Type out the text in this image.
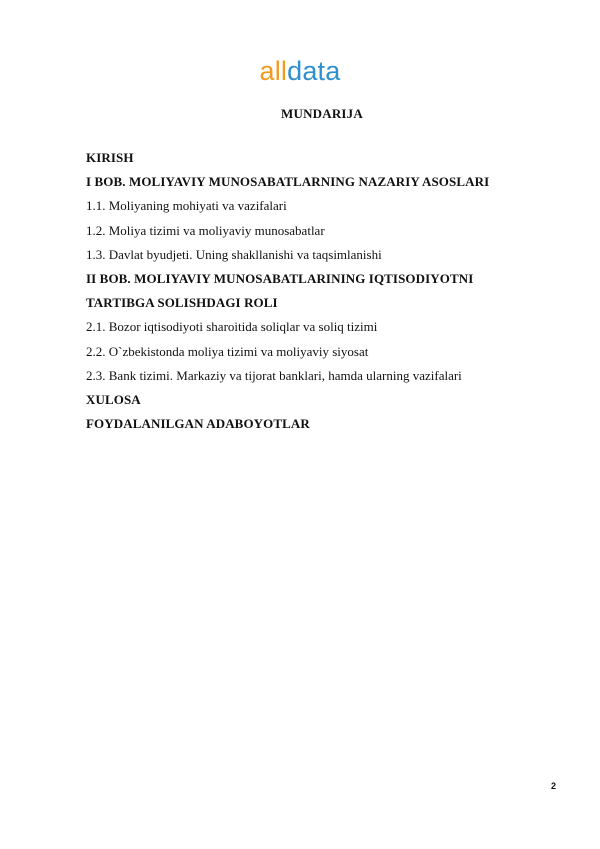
alldata
MUNDARIJA
KIRISH
I BOB. MOLIYAVIY MUNOSABATLARNING NAZARIY ASOSLARI
1.1. Moliyaning mohiyati va vazifalari
1.2. Moliya tizimi va moliyaviy munosabatlar
1.3. Davlat byudjeti. Uning shakllanishi va taqsimlanishi
II BOB. MOLIYAVIY MUNOSABATLARINING IQTISODIYOTNI
TARTIBGA SOLISHDAGI ROLI
2.1. Bozor iqtisodiyoti sharoitida soliqlar va soliq tizimi
2.2. O`zbekistonda moliya tizimi va moliyaviy siyosat
2.3. Bank tizimi. Markaziy va tijorat banklari, hamda ularning vazifalari
XULOSA
FOYDALANILGAN ADABOYOTLAR
2
